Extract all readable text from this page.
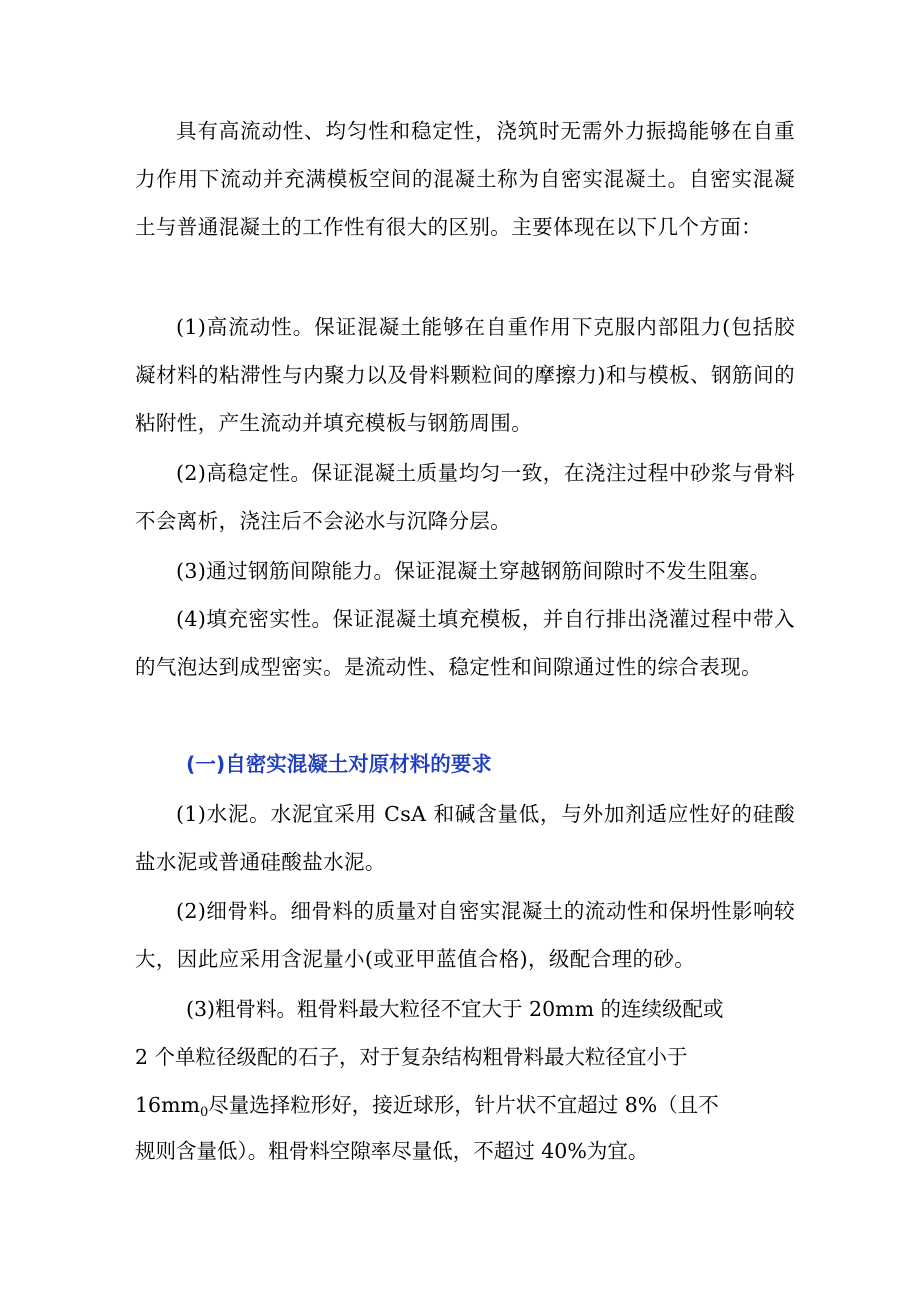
具有高流动性、均匀性和稳定性，浇筑时无需外力振捣能够在自重力作用下流动并充满模板空间的混凝土称为自密实混凝土。自密实混凝土与普通混凝土的工作性有很大的区别。主要体现在以下几个方面：

(1)高流动性。保证混凝土能够在自重作用下克服内部阻力(包括胶凝材料的粘滞性与内聚力以及骨料颗粒间的摩擦力)和与模板、钢筋间的粘附性，产生流动并填充模板与钢筋周围。

(2)高稳定性。保证混凝土质量均匀一致，在浇注过程中砂浆与骨料不会离析，浇注后不会泌水与沉降分层。

(3)通过钢筋间隙能力。保证混凝土穿越钢筋间隙时不发生阻塞。

(4)填充密实性。保证混凝土填充模板，并自行排出浇灌过程中带入的气泡达到成型密实。是流动性、稳定性和间隙通过性的综合表现。

(一)自密实混凝土对原材料的要求

(1)水泥。水泥宜采用 CsA 和碱含量低，与外加剂适应性好的硅酸盐水泥或普通硅酸盐水泥。

(2)细骨料。细骨料的质量对自密实混凝土的流动性和保坍性影响较大，因此应采用含泥量小(或亚甲蓝值合格)，级配合理的砂。

(3)粗骨料。粗骨料最大粒径不宜大于 20mm 的连续级配或

2 个单粒径级配的石子，对于复杂结构粗骨料最大粒径宜小于

$16mm_0$尽量选择粒形好，接近球形，针片状不宜超过 8%（且不

规则含量低）。粗骨料空隙率尽量低，不超过 40%为宜。
